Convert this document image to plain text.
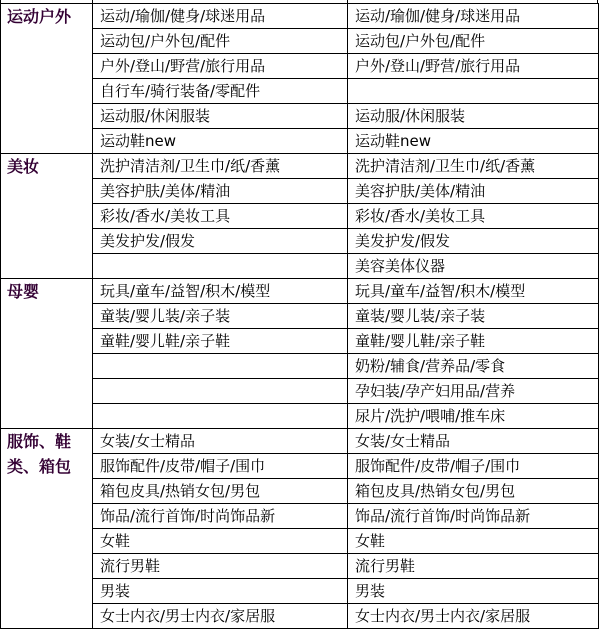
运动户外	运动/瑜伽/健身/球迷用品	运动/瑜伽/健身/球迷用品
	运动包/户外包/配件	运动包/户外包/配件
	户外/登山/野营/旅行用品	户外/登山/野营/旅行用品
	自行车/骑行装备/零配件	
	运动服/休闲服装	运动服/休闲服装
	运动鞋new	运动鞋new
美妆	洗护清洁剂/卫生巾/纸/香薰	洗护清洁剂/卫生巾/纸/香薰
	美容护肤/美体/精油	美容护肤/美体/精油
	彩妆/香水/美妆工具	彩妆/香水/美妆工具
	美发护发/假发	美发护发/假发
		美容美体仪器
母婴	玩具/童车/益智/积木/模型	玩具/童车/益智/积木/模型
	童装/婴儿装/亲子装	童装/婴儿装/亲子装
	童鞋/婴儿鞋/亲子鞋	童鞋/婴儿鞋/亲子鞋
		奶粉/辅食/营养品/零食
		孕妇装/孕产妇用品/营养
		尿片/洗护/喂哺/推车床
服饰、鞋类、箱包	女装/女士精品	女装/女士精品
	服饰配件/皮带/帽子/围巾	服饰配件/皮带/帽子/围巾
	箱包皮具/热销女包/男包	箱包皮具/热销女包/男包
	饰品/流行首饰/时尚饰品新	饰品/流行首饰/时尚饰品新
	女鞋	女鞋
	流行男鞋	流行男鞋
	男装	男装
	女士内衣/男士内衣/家居服	女士内衣/男士内衣/家居服
